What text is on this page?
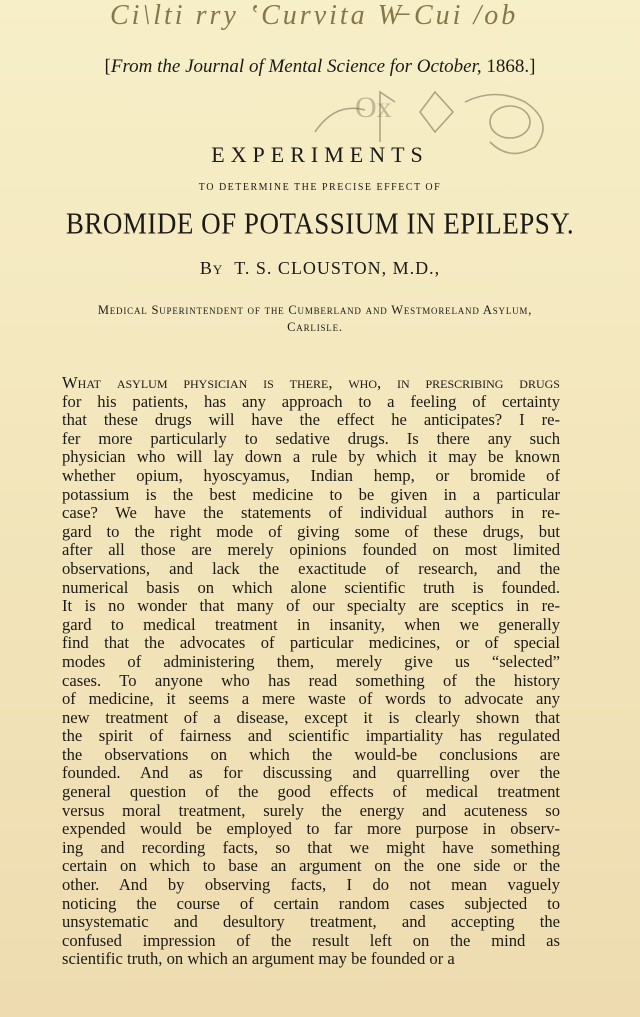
Ci\lti rry ‛Curvita W̶ Cui /ob
[From the Journal of Mental Science for October, 1868.]
Ox
EXPERIMENTS
TO DETERMINE THE PRECISE EFFECT OF
BROMIDE OF POTASSIUM IN EPILEPSY.
By T. S. CLOUSTON, M.D.,
Medical Superintendent of the Cumberland and Westmoreland Asylum,
Carlisle.
What asylum physician is there, who, in prescribing drugs
for his patients, has any approach to a feeling of certainty
that these drugs will have the effect he anticipates? I re-
fer more particularly to sedative drugs. Is there any such
physician who will lay down a rule by which it may be known
whether opium, hyoscyamus, Indian hemp, or bromide of
potassium is the best medicine to be given in a particular
case? We have the statements of individual authors in re-
gard to the right mode of giving some of these drugs, but
after all those are merely opinions founded on most limited
observations, and lack the exactitude of research, and the
numerical basis on which alone scientific truth is founded.
It is no wonder that many of our specialty are sceptics in re-
gard to medical treatment in insanity, when we generally
find that the advocates of particular medicines, or of special
modes of administering them, merely give us “selected”
cases. To anyone who has read something of the history
of medicine, it seems a mere waste of words to advocate any
new treatment of a disease, except it is clearly shown that
the spirit of fairness and scientific impartiality has regulated
the observations on which the would-be conclusions are
founded. And as for discussing and quarrelling over the
general question of the good effects of medical treatment
versus moral treatment, surely the energy and acuteness so
expended would be employed to far more purpose in observ-
ing and recording facts, so that we might have something
certain on which to base an argument on the one side or the
other. And by observing facts, I do not mean vaguely
noticing the course of certain random cases subjected to
unsystematic and desultory treatment, and accepting the
confused impression of the result left on the mind as
scientific truth, on which an argument may be founded or a
